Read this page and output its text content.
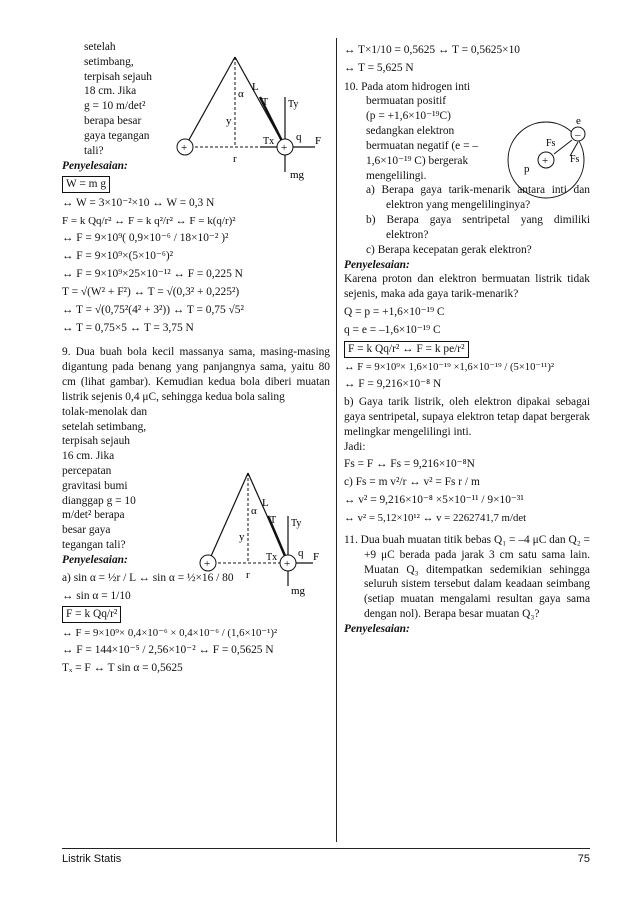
setelah
setimbang,
terpisah sejauh
18 cm. Jika
g = 10 m/det²
berapa besar
gaya tegangan
tali?
Penyelesaian:
W = m g
↔ W = 3×10⁻²×10 ↔ W = 0,3 N
F = k Qq/r² ↔ F = k q²/r² ↔ F = k(q/r)²
↔ F = 9×10⁹( 0,9×10⁻⁶ / 18×10⁻² )²
↔ F = 9×10⁹×(5×10⁻⁶)²
↔ F = 9×10⁹×25×10⁻¹² ↔ F = 0,225 N
T = √(W² + F²) ↔ T = √(0,3² + 0,225²)
↔ T = √(0,75²(4² + 3²)) ↔ T = 0,75 √5²
↔ T = 0,75×5 ↔ T = 3,75 N
9. Dua buah bola kecil massanya sama, masing-masing digantung pada benang yang panjangnya sama, yaitu 80 cm (lihat gambar). Kemudian kedua bola diberi muatan listrik sejenis 0,4 μC, sehingga kedua bola saling
tolak-menolak dan
setelah setimbang,
terpisah sejauh
16 cm. Jika
percepatan
gravitasi bumi
dianggap g = 10
m/det² berapa
besar gaya
tegangan tali?
Penyelesaian:
a) sin α = ½r / L ↔ sin α = ½×16 / 80
↔ sin α = 1/10
F = k Qq/r²
↔ F = 9×10⁹× 0,4×10⁻⁶ × 0,4×10⁻⁶ / (1,6×10⁻¹)²
↔ F = 144×10⁻⁵ / 2,56×10⁻² ↔ F = 0,5625 N
Tₓ = F ↔ T sin α = 0,5625
+	+
α
L
T Ty
y
Tx q F
r
mg
+	+
α
L
T Ty
y
Tx q F
r
mg
↔ T×1/10 = 0,5625 ↔ T = 0,5625×10
↔ T = 5,625 N
10. Pada atom hidrogen inti
bermuatan positif
(p = +1,6×10⁻¹⁹C)
sedangkan elektron
bermuatan negatif (e = –
1,6×10⁻¹⁹ C) bergerak
mengelilingi.
a) Berapa gaya tarik-menarik antara inti dan elektron yang mengelilinginya?
b) Berapa gaya sentripetal yang dimiliki elektron?
c) Berapa kecepatan gerak elektron?
Penyelesaian:
Karena proton dan elektron bermuatan listrik tidak sejenis, maka ada gaya tarik-menarik?
Q = p = +1,6×10⁻¹⁹ C
q = e = –1,6×10⁻¹⁹ C
F = k Qq/r² ↔ F = k pe/r²
↔ F = 9×10⁹× 1,6×10⁻¹⁹ ×1,6×10⁻¹⁹ / (5×10⁻¹¹)²
↔ F = 9,216×10⁻⁸ N
b) Gaya tarik listrik, oleh elektron dipakai sebagai gaya sentripetal, supaya elektron tetap dapat bergerak melingkar mengelilingi inti.
Jadi:
Fs = F ↔ Fs = 9,216×10⁻⁸N
c) Fs = m v²/r ↔ v² = Fs r / m
↔ v² = 9,216×10⁻⁸ ×5×10⁻¹¹ / 9×10⁻³¹
↔ v² = 5,12×10¹² ↔ v = 2262741,7 m/det
11. Dua buah muatan titik bebas Q₁ = –4 μC dan Q₂ = +9 μC berada pada jarak 3 cm satu sama lain. Muatan Q₃ ditempatkan sedemikian sehingga seluruh sistem tersebut dalam keadaan seimbang (setiap muatan mengalami resultan gaya sama dengan nol). Berapa besar muatan Q₃?
Penyelesaian:
+
–
e
p
Fs
Fs
Listrik Statis	75
